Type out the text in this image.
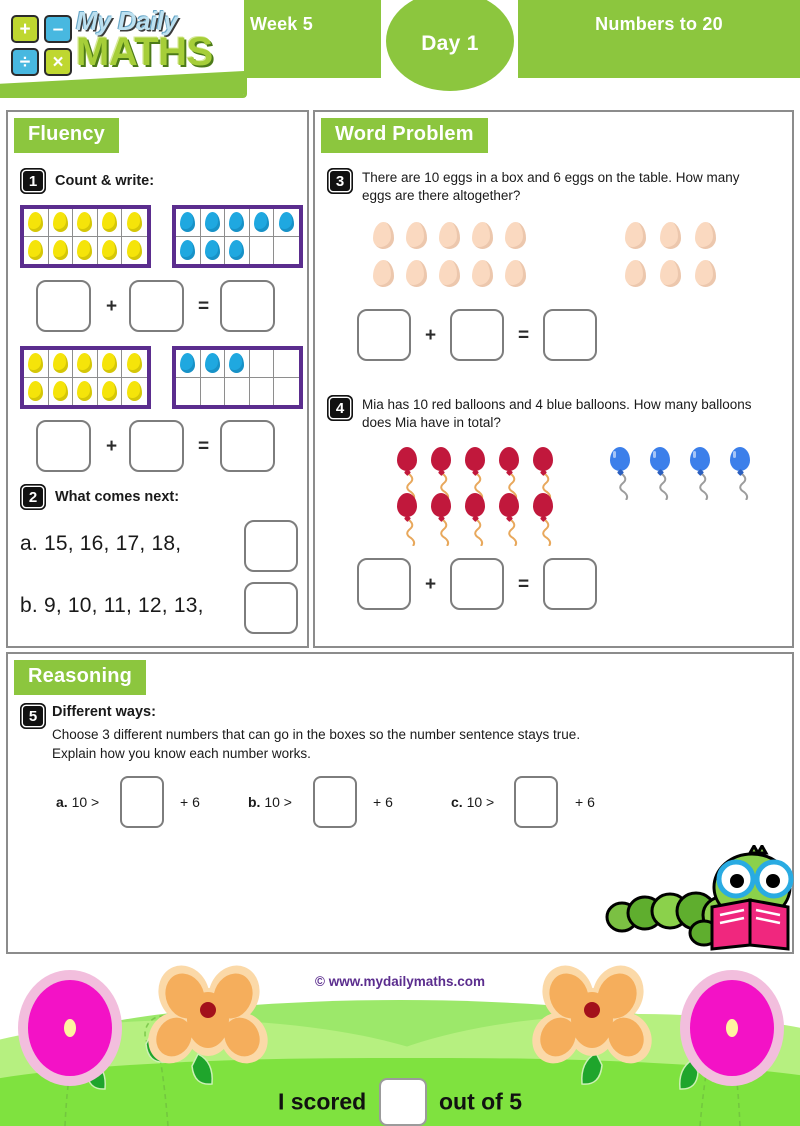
Week 5
Day 1
Numbers to 20
+	–
÷	×
My Daily
MATHS
Fluency
1	Count & write:
+	=
+	=
2	What comes next:
a. 15, 16, 17, 18,
b. 9, 10, 11, 12, 13,
Word Problem
3	There are 10 eggs in a box and 6 eggs on the table. How many eggs are there altogether?
+	=
4	Mia has 10 red balloons and 4 blue balloons. How many balloons does Mia have in total?
+	=
Reasoning
5	Different ways:
Choose 3 different numbers that can go in the boxes so the number sentence stays true.
Explain how you know each number works.
a. 10 >	+ 6	b. 10 >	+ 6	c. 10 >	+ 6
© www.mydailymaths.com
I scored	out of 5
